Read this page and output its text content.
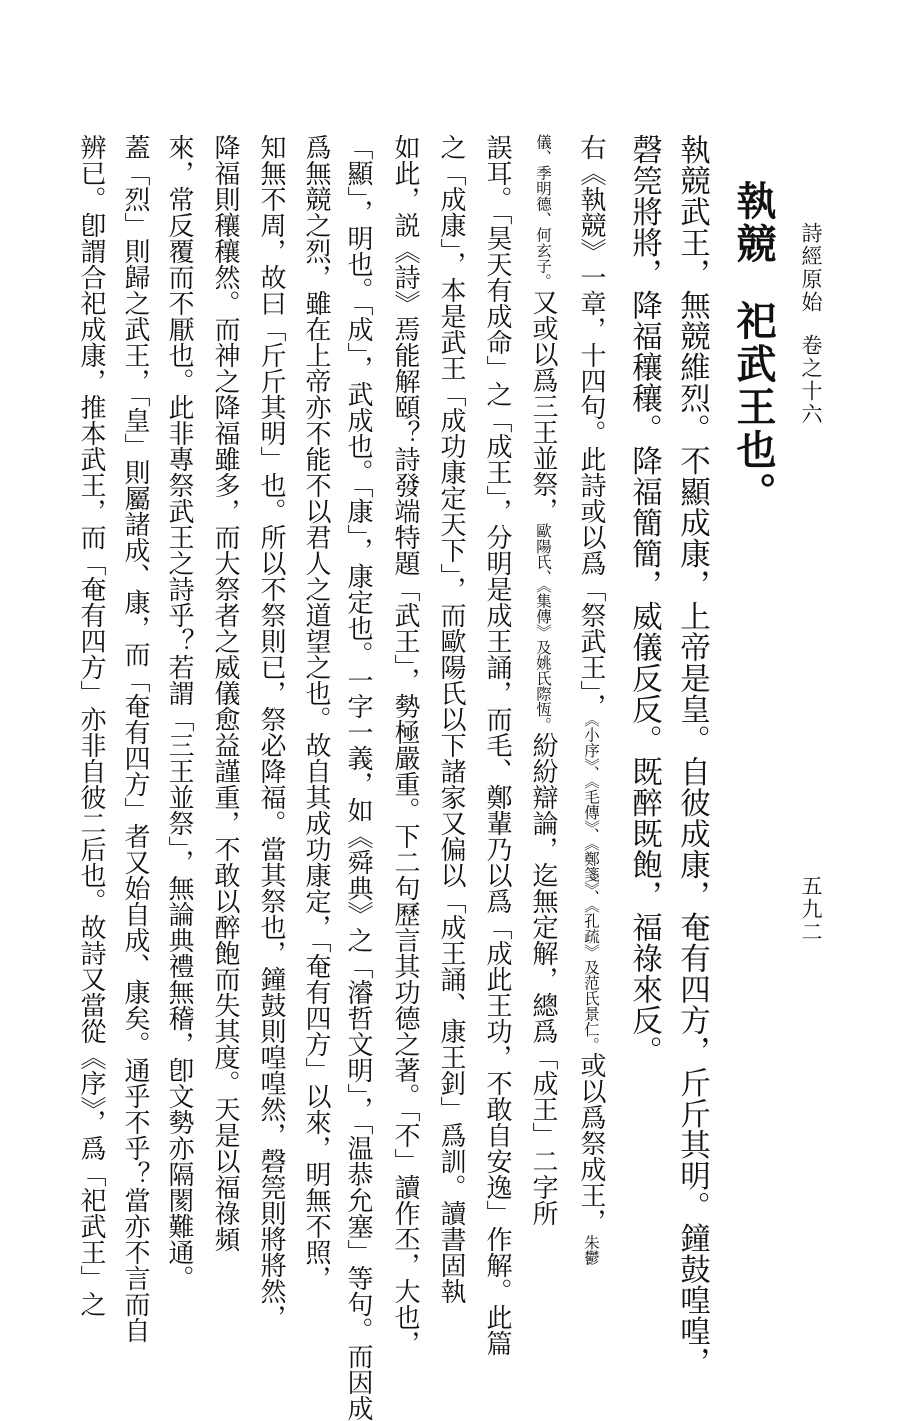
詩經原始卷之十六
執競祀武王也。
執競武王，無競維烈。不顯成康，上帝是皇。自彼成康，奄有四方，斤斤其明。鐘鼓喤喤，
磬筦將將，降福穰穰。降福簡簡，威儀反反。既醉既飽，福祿來反。
右《執競》一章，十四句。此詩或以爲「祭武王」，《小序》、《毛傳》、《鄭箋》、《孔疏》及范氏景仁。或以爲祭成王，朱鬱
儀、季明德、何玄子。又或以爲三王並祭，歐陽氏、《集傳》及姚氏際恆。紛紛辯論，迄無定解，總爲「成王」二字所
誤耳。「昊天有成命」之「成王」，分明是成王誦，而毛、鄭輩乃以爲「成此王功，不敢自安逸」作解。此篇
之「成康」，本是武王「成功康定天下」，而歐陽氏以下諸家又偏以「成王誦、康王釗」爲訓。讀書固執
如此，説《詩》焉能解頤？詩發端特題「武王」，勢極嚴重。下二句歷言其功德之著。「不」讀作丕，大也，
「顯」，明也。「成」，武成也。「康」，康定也。一字一義，如《舜典》之「濬哲文明」，「温恭允塞」等句。而因成
爲無競之烈，雖在上帝亦不能不以君人之道望之也。故自其成功康定，「奄有四方」以來，明無不照，
知無不周，故曰「斤斤其明」也。所以不祭則已，祭必降福。當其祭也，鐘鼓則喤喤然，磬筦則將將然，
降福則穰穰然。而神之降福雖多，而大祭者之威儀愈益謹重，不敢以醉飽而失其度。天是以福祿頻
來，常反覆而不厭也。此非專祭武王之詩乎？若謂「三王並祭」，無論典禮無稽，卽文勢亦隔閡難通。
蓋「烈」則歸之武王，「皇」則屬諸成、康，而「奄有四方」者又始自成、康矣。通乎不乎？當亦不言而自
辨已。卽謂合祀成康，推本武王，而「奄有四方」亦非自彼二后也。故詩又當從《序》，爲「祀武王」之	五九二
